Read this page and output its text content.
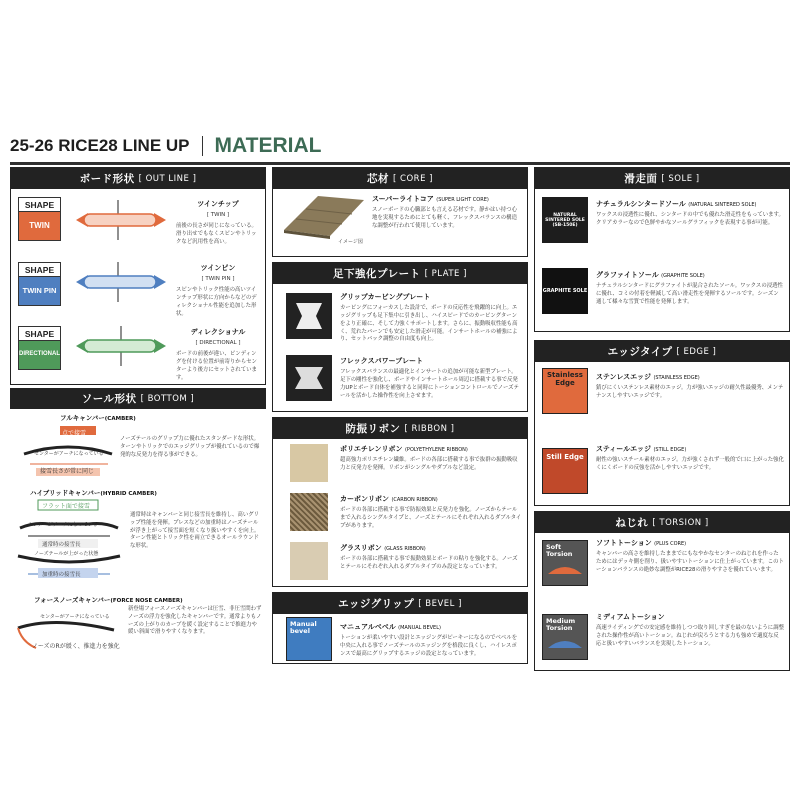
25-26 RICE28 LINE UP MATERIAL
ボード形状 [ OUT LINE ]
SHAPE
TWIN
ツインチップ
[ TWIN ]
前後の長さが同じになっている。滑り出せでもなくスピンやトリックなど汎用性を高い。
SHAPE
TWIN PIN
ツインピン
[ TWIN PIN ]
スピンやトリック性能の高いツインチップ形状に方向からなどのディレクショナル性能を追加した形状。
SHAPE
DIRECTIONAL
ディレクショナル
[ DIRECTIONAL ]
ボードの前後が違い、ビンディングを付ける位置が前寄りからセンターより後方にセットされています。
ソール形状 [ BOTTOM ]
フルキャンバー(CAMBER)
点で接雪
センターがアーチになっている
接雪長さが常に同じ
ノーズテールのグリップ力に優れたスタンダードな形状。ターンやトリックでのエッジグリップが優れているので爆発的な反発力を得る事ができる。
ハイブリッドキャンバー(HYBRID CAMBER)
フラット面で接雪
センターがアーチになっている
通常時の接雪長
ノーズテールが上がった状態
加重時の接雪長
通常時はキャンバーと同じ接雪長を維持し、高いグリップ性能を発揮。プレスなどの加重時はノーズテールが浮き上がって接雪面を短くなり扱いやすくを向上。ターン性能とトリック性を両立できるオールラウンドな形状。
フォースノーズキャンバー(FORCE NOSE CAMBER)
センターがアーチになっている
ノーズのRが緩く、推進力を強化
新登場フォースノーズキャンバーは圧雪、非圧雪問わずノーズの浮力を強化したキャンバーです。通常よりもノーズの上がりのカーブを緩く設定することで推進力や緩い斜面で滑りやすくなります。
芯材 [ CORE ]
イメージ図
スーパーライトコア (SUPER LIGHT CORE)
スノーボードの心臓部とも言える芯材です。静かはい持つ心地を実現するためにとても軽く、フレックスバランスの構造な調整が行われて使用しています。
足下強化プレート [ PLATE ]
グリップカービングプレート
カービングにフォーカスした設計で、ボードの反応性を飛躍的に向上。エッジグリップも足下集中に引き出し、ハイスピードでのカービングターンをより正確に、そして力強くサポートします。さらに、振動吸収性能も高く、荒れたバーンでも安定した滑走が可能。インサートホールの補強により、セットバック調整の自由度も向上。
フレックスパワープレート
フレックスバランスの最適化とインサートの追加が可能な新型プレート。足下の剛性を強化し、ボードやインサートホール周辺に搭載する事で反発力UPとボード自体を補強すると同時にトーションコントロールでノーズテールを活かした操作性を向上させます。
防振リボン [ RIBBON ]
ポリエチレンリボン (POLYETHYLENE RIBBON)
超高強力ポリエチレン繊維。ボードの各部に搭載する事で抜群の振動吸収力と反発力を発揮。リボンがシングルやダブルなど設定。
カーボンリボン (CARBON RIBBON)
ボードの各部に搭載する事で防振効果と反発力を強化。ノーズからテールまで入れるシングルタイプと、ノーズとテールにそれぞれ入れるダブルタイプがあります。
グラスリボン (GLASS RIBBON)
ボードの各部に搭載する事で振動効果とボードの粘りを強化する。ノーズとテールにそれぞれ入れるダブルタイプのみ設定となっています。
エッジグリップ [ BEVEL ]
Manual
bevel
マニュアルベベル (MANUAL BEVEL)
トーションが柔いやすい設計とエッジングがピーキーになるのでベベルを中央に入れる事でノーズテールのエッジングを格段に良くし、ハイレスポンスで最高にグリップするエッジの設定となっています。
滑走面 [ SOLE ]
NATURAL SINTERED SOLE (SB-150E)
ナチュラルシンタードソール (NATURAL SINTERED SOLE)
ワックスの浸透性に優れ、シンタードの中でも優れた滑走性をもっています。クリアカラーなので色鮮やかなソールグラフィックを表現する事が可能。
GRAPHITE SOLE
グラファイトソール (GRAPHITE SOLE)
ナチュラルシンタードにグラファイトが混合されたソール。ワックスの浸透性に優れ、コミの付着を軽減して高い滑走性を発揮するソールです。シーズン通して様々な雪質で性能を発揮します。
エッジタイプ [ EDGE ]
Stainless
Edge
ステンレスエッジ (STAINLESS EDGE)
錆びにくいステンレス素材のエッジ。力が強いエッジの耐久性最優秀、メンテナンスしやすいエッジです。
Still Edge
スティールエッジ (STILL EDGE)
耐性の強いスチール素材のエッジ。力が強くされず一般的で口に上がった強化くにくボードの反強を活かしやすいエッジです。
ねじれ [ TORSION ]
Soft
Torsion
ソフトトーション (PLUS CORE)
キャンバーの高さを維持したままでにもなやかなセンターのねじれを作ったためにはデッキ側を削り、扱いやすいトーションに仕上がっています。このトーションバランスの絶妙な調整がRICE28の滑りやすさを優れていいます。
Medium
Torsion
ミディアムトーション
高速ライディングでの安定感を維持しつつ取り回しすぎを最のないように調整された操作性が高いトーション。ねじれが戻ろうとする力も強めで適度な反応と扱いやすいバランスを実現したトーション。
